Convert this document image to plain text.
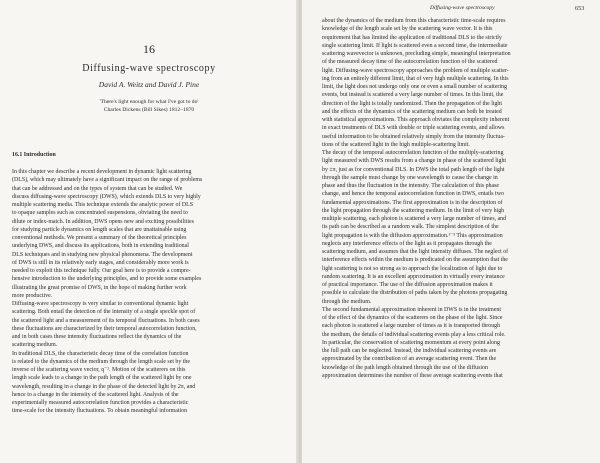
16
Diffusing-wave spectroscopy
David A. Weitz and David J. Pine
'There's light enough for what I've got to do'
Charles Dickens (Bill Sikes) 1812–1870
16.1 Introduction

In this chapter we describe a recent development in dynamic light scattering

(DLS), which may ultimately have a significant impact on the range of problems

that can be addressed and on the types of system that can be studied. We

discuss diffusing-wave spectroscopy (DWS), which extends DLS to very highly

multiple scattering media. This technique extends the analytic power of DLS

to opaque samples such as concentrated suspensions, obviating the need to

dilute or index-match. In addition, DWS opens new and exciting possibilities

for studying particle dynamics on length scales that are unattainable using

conventional methods. We present a summary of the theoretical principles

underlying DWS, and discuss its applications, both in extending traditional

DLS techniques and in studying new physical phenomena. The development

of DWS is still in its relatively early stages, and considerably more work is

needed to exploit this technique fully. Our goal here is to provide a compre-

hensive introduction to the underlying principles, and to provide some examples

illustrating the great promise of DWS, in the hope of making further work

more productive.

Diffusing-wave spectroscopy is very similar to conventional dynamic light

scattering. Both entail the detection of the intensity of a single speckle spot of

the scattered light and a measurement of its temporal fluctuations. In both cases

these fluctuations are characterized by their temporal autocorrelation function,

and in both cases these intensity fluctuations reflect the dynamics of the

scattering medium.

In traditional DLS, the characteristic decay time of the correlation function

is related to the dynamics of the medium through the length scale set by the

inverse of the scattering wave vector, q⁻¹. Motion of the scatterers on this

length scale leads to a change in the path length of the scattered light by one

wavelength, resulting in a change in the phase of the detected light by 2π, and

hence to a change in the intensity of the scattered light. Analysis of the

experimentally measured autocorrelation function provides a characteristic

time-scale for the intensity fluctuations. To obtain meaningful information

Diffusing-wave spectroscopy	653

about the dynamics of the medium from this characteristic time-scale requires

knowledge of the length scale set by the scattering wave vector. It is this

requirement that has limited the application of traditional DLS to the strictly

single scattering limit. If light is scattered even a second time, the intermediate

scattering wavevector is unknown, precluding simple, meaningful interpretation

of the measured decay time of the autocorrelation function of the scattered

light. Diffusing-wave spectroscopy approaches the problem of multiple scatter-

ing from an entirely different limit, that of very high multiple scattering. In this

limit, the light does not undergo only one or even a small number of scattering

events, but instead is scattered a very large number of times. In this limit, the

direction of the light is totally randomized. Then the propagation of the light

and the effects of the dynamics of the scattering medium can both be treated

with statistical approximations. This approach obviates the complexity inherent

in exact treatments of DLS with double or triple scattering events, and allows

useful information to be obtained relatively simply from the intensity fluctua-

tions of the scattered light in the high multiple-scattering limit.

The decay of the temporal autocorrelation function of the multiply-scattering

light measured with DWS results from a change in phase of the scattered light

by ±π, just as for conventional DLS. In DWS the total path length of the light

through the sample must change by one wavelength to cause the change in

phase and thus the fluctuation in the intensity. The calculation of this phase

change, and hence the temporal autocorrelation function in DWS, entails two

fundamental approximations. The first approximation is in the description of

the light propagation through the scattering medium. In the limit of very high

multiple scattering, each photon is scattered a very large number of times, and

its path can be described as a random walk. The simplest description of the

light propagation is with the diffusion approximation.¹⁻³ This approximation

neglects any interference effects of the light as it propagates through the

scattering medium, and assumes that the light intensity diffuses. The neglect of

interference effects within the medium is predicated on the assumption that the

light scattering is not so strong as to approach the localization of light due to

random scattering. It is an excellent approximation in virtually every instance

of practical importance. The use of the diffusion approximation makes it

possible to calculate the distribution of paths taken by the photons propagating

through the medium.

The second fundamental approximation inherent in DWS is in the treatment

of the effect of the dynamics of the scatterers on the phase of the light. Since

each photon is scattered a large number of times as it is transported through

the medium, the details of individual scattering events play a less critical role.

In particular, the conservation of scattering momentum at every point along

the full path can be neglected. Instead, the individual scattering events are

approximated by the contribution of an average scattering event. Then the

knowledge of the path length obtained through the use of the diffusion

approximation determines the number of these average scattering events that
